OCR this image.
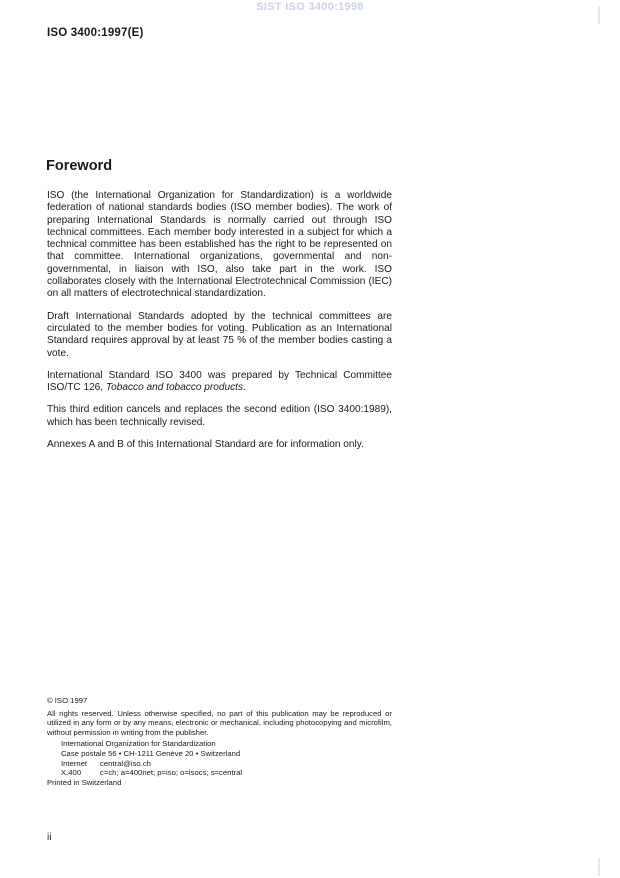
SIST ISO 3400:1998
ISO 3400:1997(E)
Foreword

ISO (the International Organization for Standardization) is a worldwide federation of national standards bodies (ISO member bodies). The work of preparing International Standards is normally carried out through ISO technical committees. Each member body interested in a subject for which a technical committee has been established has the right to be represented on that committee. International organizations, governmental and non-governmental, in liaison with ISO, also take part in the work. ISO collaborates closely with the International Electrotechnical Commission (IEC) on all matters of electrotechnical standardization.

Draft International Standards adopted by the technical committees are circulated to the member bodies for voting. Publication as an International Standard requires approval by at least 75 % of the member bodies casting a vote.

International Standard ISO 3400 was prepared by Technical Committee ISO/TC 126, Tobacco and tobacco products.

This third edition cancels and replaces the second edition (ISO 3400:1989), which has been technically revised.

Annexes A and B of this International Standard are for information only.

© ISO 1997

All rights reserved. Unless otherwise specified, no part of this publication may be reproduced or utilized in any form or by any means, electronic or mechanical, including photocopying and microfilm, without permission in writing from the publisher.

International Organization for Standardization
Case postale 56 • CH-1211 Genève 20 • Switzerland
Internet	central@iso.ch
X.400	c=ch; a=400net; p=iso; o=isocs; s=central

Printed in Switzerland

ii
